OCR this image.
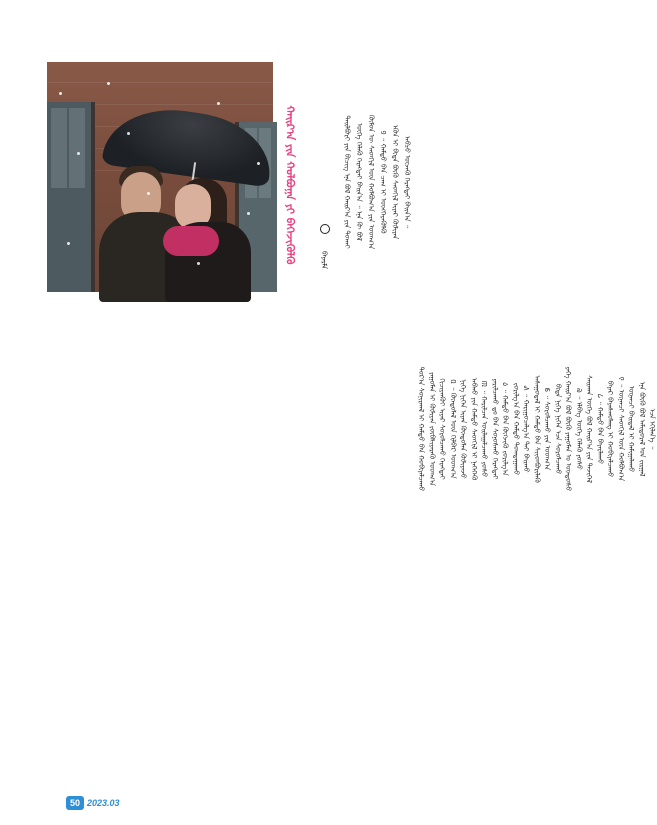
ᠬᠠᠢᠷ᠎ᠠ ᠶᠢᠨ ᠬᠣᠯᠪᠣᠭᠠ ᠶᠢ ᠪᠡᠬᠡᠵᠢᠭᠦᠯᠬᠦ	ᠪᠠᠶᠠᠷᠮᠠ
ᠲᠠᠢᠯᠪᠤᠷᠢ ᠶᠢᠨ ᠪᠢᠴᠢᠭ ᠡᠨᠡ ᠪᠣᠯ ᠬᠠᠢᠷ᠎ᠠ ᠶᠢᠨ ᠲᠤᠬᠠᠢ ᠦᠭᠡ ᠬᠡᠯᠡᠬᠦ ᠬᠡᠷᠡᠭᠲᠡᠢ ᠪᠠᠢᠨ᠎ᠠ ᠃ ᠡᠨᠡ ᠬᠦ ᠪᠣᠯ ᠬᠦᠮᠦᠨ ᠦ ᠰᠡᠳᠬᠢᠯ ᠦᠨ ᠬᠣᠯᠪᠣᠭ᠎ᠠ ᠶᠢᠨ ᠤᠳᠬ᠎ᠠ ᠑ ᠃ ᠬᠠᠮᠲᠤ ᠪᠡᠨ ᠴᠠᠭ ᠢ ᠥᠩᠭᠡᠷᠡᠭᠦᠯᠬᠦ ᠡᠭᠦᠨ ᠢ ᠪᠢᠳᠡ ᠪᠦᠬᠦ ᠰᠡᠳᠬᠢᠯ ᠢᠶᠡᠷ ᠬᠦᠯᠢᠶᠡᠨ ᠠᠪᠴᠤ ᠦᠵᠡᠬᠦ ᠬᠡᠷᠡᠭᠲᠡᠢ ᠪᠠᠢᠨ᠎ᠠ ᠃
ᠳᠤᠷ᠎ᠠ ᠰᠣᠨᠢᠷᠬᠠᠯ ᠢ ᠬᠠᠮᠲᠤ ᠪᠡᠨ ᠬᠤᠪᠢᠶᠠᠯᠴᠠᠬᠤ ᠶᠠᠭᠤᠮᠠᠨ ᠢ ᠬᠦᠯᠢᠶᠡᠨ ᠵᠥᠪᠰᠢᠶᠡᠷᠡᠬᠦ ᠤᠳᠬ᠎ᠠ ᠬᠢᠴᠢᠶᠡᠨᠭᠦᠢ ᠢᠶᠡᠷ ᠰᠤᠷᠤᠯᠴᠠᠬᠤ ᠬᠡᠷᠡᠭᠲᠡᠢ ᠒ ᠃ ᠬᠦᠨᠳᠦᠯᠡᠯ ᠦᠨ ᠬᠢᠯᠪᠠᠷ ᠤᠳᠬ᠎ᠠ ᠨᠢᠭᠡ ᠨᠢᠭᠡᠨ ᠢᠶᠡᠨ ᠬᠦᠨᠳᠦᠯᠡᠨ ᠬᠦᠯᠢᠶᠡᠵᠦ ᠠᠪᠬᠤ ᠶᠢᠨ ᠬᠠᠮᠲᠤ ᠰᠡᠳᠬᠢᠯ ᠢ ᠨᠡᠭᠡᠭᠡᠬᠦ ᠓ ᠃ ᠬᠠᠷᠢᠯᠴᠠᠨ ᠣᠢᠯᠠᠭᠠᠯᠴᠠᠬᠤ ᠶᠤᠰᠤ ᠶᠠᠷᠢᠯᠴᠠᠬᠤ ᠳᠤ ᠪᠡᠨ ᠰᠣᠨᠣᠰᠬᠤ ᠬᠡᠷᠡᠭᠲᠡᠢ ᠔ ᠃ ᠬᠠᠮᠲᠤ ᠪᠡᠨ ᠬᠥᠭᠵᠢᠬᠦ ᠵᠣᠷᠢᠯᠭ᠎ᠠ ᠵᠣᠷᠢᠯᠭ᠎ᠠ ᠪᠠᠨ ᠬᠠᠮᠲᠤ ᠲᠣᠭᠲᠠᠭᠠᠬᠤ ᠕ ᠃ ᠬᠠᠷᠢᠭᠤᠴᠠᠯᠭ᠎ᠠ ᠲᠠᠢ ᠪᠠᠢᠬᠤ ᠠᠰᠠᠭᠤᠳᠠᠯ ᠢ ᠬᠠᠮᠲᠤ ᠪᠡᠨ ᠰᠢᠢᠳᠪᠦᠷᠢᠯᠡᠬᠦ ᠖ ᠃ ᠰᠤᠷᠤᠯᠴᠠᠬᠤ ᠶᠢᠨ ᠤᠳᠬ᠎ᠠ ᠪᠢᠳᠡ ᠨᠢᠭᠡ ᠨᠢᠭᠡᠨ ᠡᠴᠡ ᠰᠤᠷᠤᠯᠴᠠᠬᠤ ᠶᠡᠬᠡ ᠬᠠᠢᠷ᠎ᠠ ᠪᠣᠯ ᠪᠦᠬᠦ ᠶᠠᠭᠤᠮᠠᠨ ᠤ ᠦᠨᠳᠦᠰᠦ ᠗ ᠃ ᠡᠯᠪᠡᠭ ᠦᠭᠡ ᠬᠡᠯᠡᠬᠦ ᠶᠤᠰᠤ ᠰᠠᠢᠬᠠᠨ ᠦᠭᠡ ᠪᠣᠯ ᠬᠠᠢᠷ᠎ᠠ ᠶᠢᠨ ᠲᠡᠵᠢᠭᠡᠯ ᠘ ᠃ ᠬᠠᠮᠲᠤ ᠪᠡᠨ ᠪᠠᠶᠠᠷᠯᠠᠬᠤ ᠪᠠᠶᠠᠷ ᠪᠠᠶᠠᠰᠬᠤᠯᠠᠩ ᠢ ᠬᠤᠪᠢᠶᠠᠯᠴᠠᠬᠤ ᠙ ᠃ ᠦᠨᠡᠨᠴᠢ ᠰᠡᠳᠬᠢᠯ ᠦᠨ ᠬᠣᠯᠪᠣᠭ᠎ᠠ ᠦᠨᠡᠨᠴᠢ ᠪᠠᠢᠳᠠᠯ ᠢ ᠬᠠᠮᠢᠭᠠᠯᠠᠬᠤ ᠡᠨᠡ ᠪᠦᠬᠦ ᠪᠣᠯ ᠠᠮᠢᠳᠤᠷᠠᠯ ᠤᠨ ᠵᠢᠷᠭᠠᠯ ᠡᠴᠡ ᠡᠬᠢᠯᠡᠨ᠎ᠡ ᠃
50 2023.03
